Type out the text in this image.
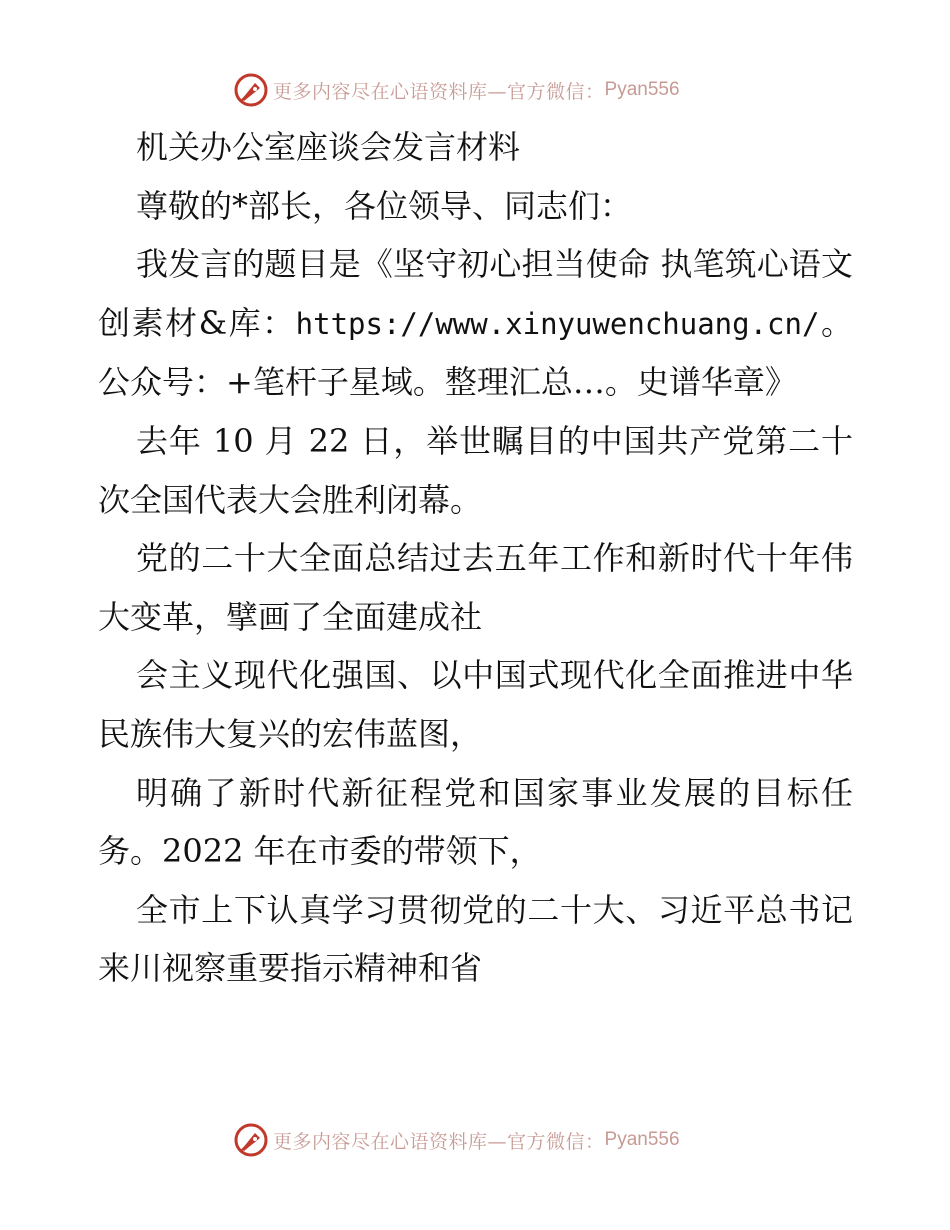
更多内容尽在心语资料库—官方微信： Pyan556

机关办公室座谈会发言材料

尊敬的*部长，各位领导、同志们：

我发言的题目是《坚守初心担当使命 执笔筑心语文创素材&库：https://www.xinyuwenchuang.cn/。公众号：+笔杆子星域。整理汇总…。史谱华章》

去年 10 月 22 日，举世瞩目的中国共产党第二十次全国代表大会胜利闭幕。

党的二十大全面总结过去五年工作和新时代十年伟大变革，擘画了全面建成社

会主义现代化强国、以中国式现代化全面推进中华民族伟大复兴的宏伟蓝图，

明确了新时代新征程党和国家事业发展的目标任务。2022 年在市委的带领下，

全市上下认真学习贯彻党的二十大、习近平总书记来川视察重要指示精神和省

更多内容尽在心语资料库—官方微信： Pyan556
